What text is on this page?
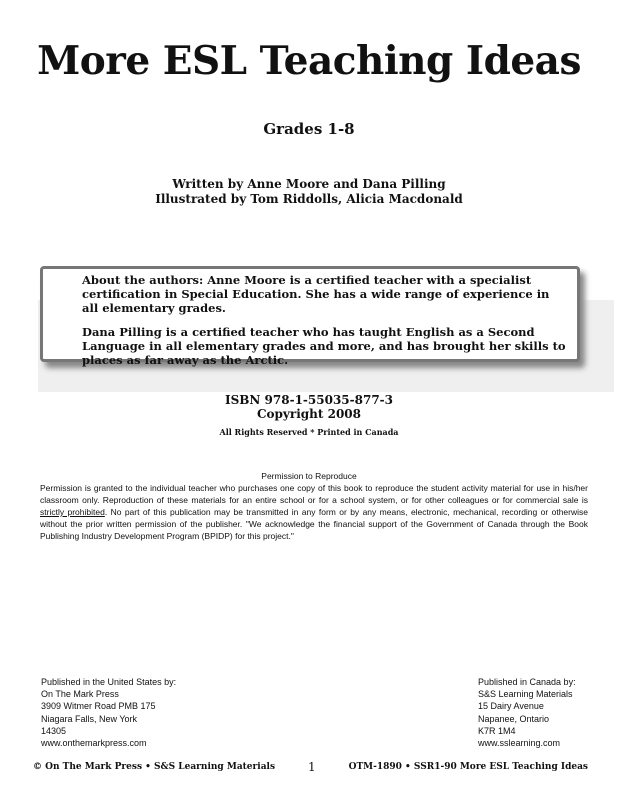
More ESL Teaching Ideas
Grades 1-8
Written by Anne Moore and Dana Pilling
Illustrated by Tom Riddolls, Alicia Macdonald

About the authors: Anne Moore is a certified teacher with a specialist certification in Special Education. She has a wide range of experience in all elementary grades.

Dana Pilling is a certified teacher who has taught English as a Second Language in all elementary grades and more, and has brought her skills to places as far away as the Arctic.

ISBN 978-1-55035-877-3
Copyright 2008
All Rights Reserved * Printed in Canada
Permission to Reproduce
Permission is granted to the individual teacher who purchases one copy of this book to reproduce the student activity material for use in his/her classroom only. Reproduction of these materials for an entire school or for a school system, or for other colleagues or for commercial sale is strictly prohibited. No part of this publication may be transmitted in any form or by any means, electronic, mechanical, recording or otherwise without the prior written permission of the publisher. "We acknowledge the financial support of the Government of Canada through the Book Publishing Industry Development Program (BPIDP) for this project."
Published in the United States by:
On The Mark Press
3909 Witmer Road PMB 175
Niagara Falls, New York
14305
www.onthemarkpress.com
Published in Canada by:
S&S Learning Materials
15 Dairy Avenue
Napanee, Ontario
K7R 1M4
www.sslearning.com
© On The Mark Press • S&S Learning Materials	1	OTM-1890 • SSR1-90 More ESL Teaching Ideas
